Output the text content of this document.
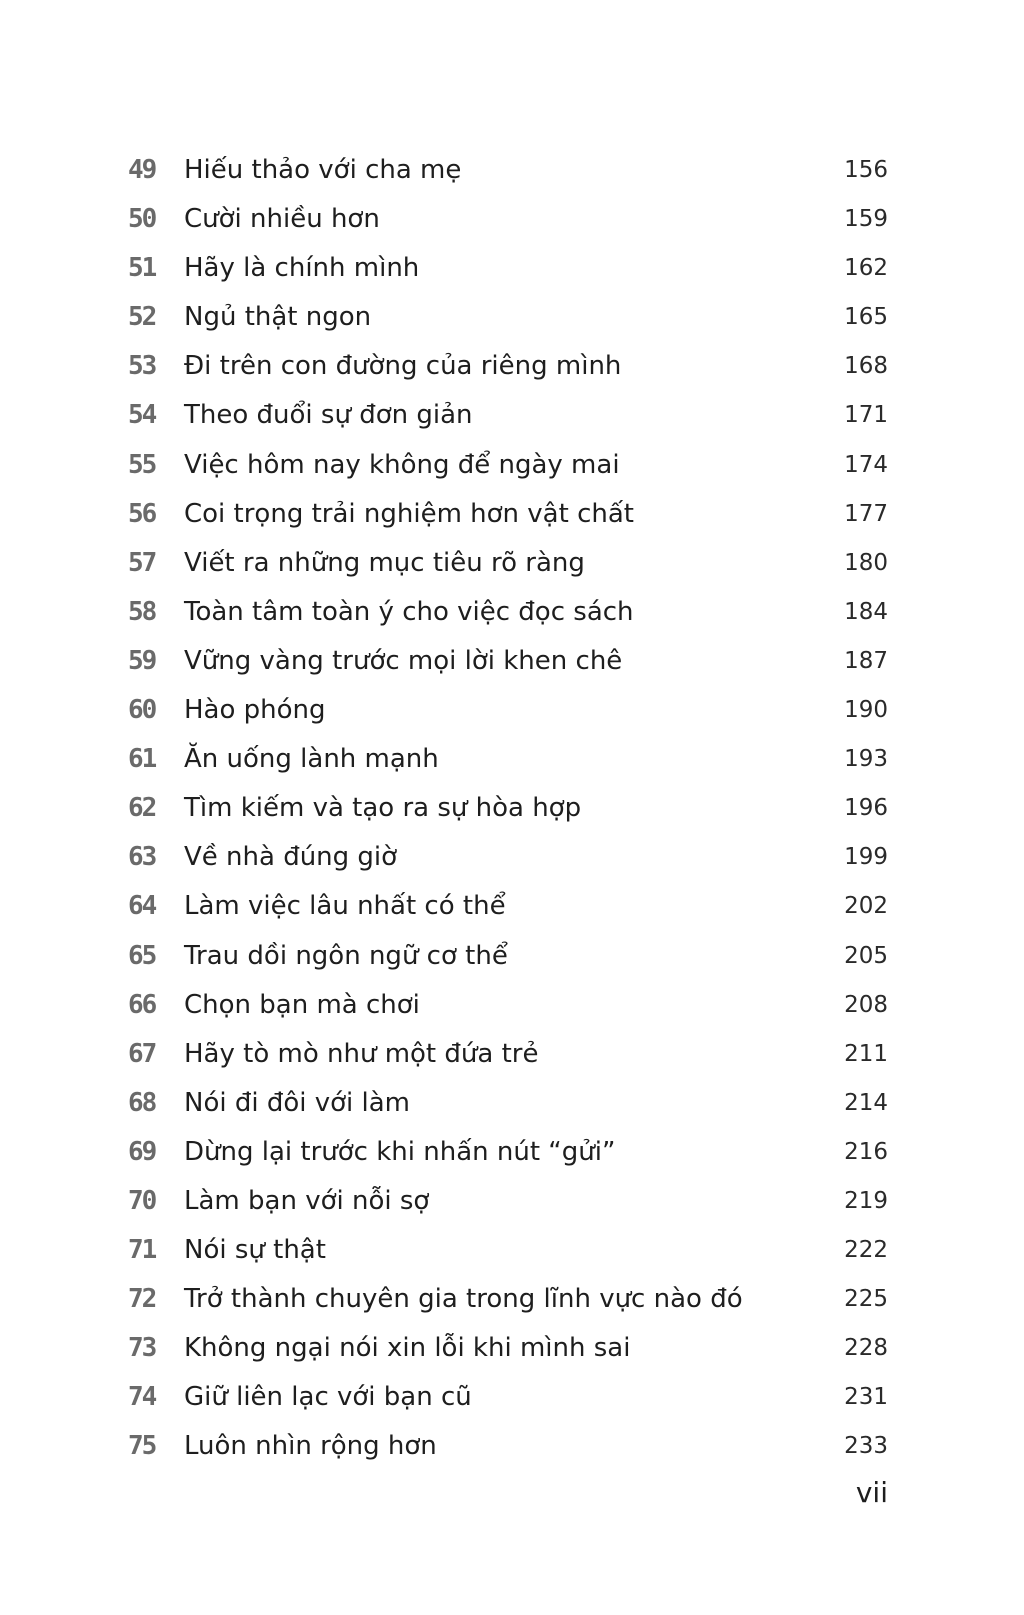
49	Hiếu thảo với cha mẹ	156
50	Cười nhiều hơn	159
51	Hãy là chính mình	162
52	Ngủ thật ngon	165
53	Đi trên con đường của riêng mình	168
54	Theo đuổi sự đơn giản	171
55	Việc hôm nay không để ngày mai	174
56	Coi trọng trải nghiệm hơn vật chất	177
57	Viết ra những mục tiêu rõ ràng	180
58	Toàn tâm toàn ý cho việc đọc sách	184
59	Vững vàng trước mọi lời khen chê	187
60	Hào phóng	190
61	Ăn uống lành mạnh	193
62	Tìm kiếm và tạo ra sự hòa hợp	196
63	Về nhà đúng giờ	199
64	Làm việc lâu nhất có thể	202
65	Trau dồi ngôn ngữ cơ thể	205
66	Chọn bạn mà chơi	208
67	Hãy tò mò như một đứa trẻ	211
68	Nói đi đôi với làm	214
69	Dừng lại trước khi nhấn nút “gửi”	216
70	Làm bạn với nỗi sợ	219
71	Nói sự thật	222
72	Trở thành chuyên gia trong lĩnh vực nào đó	225
73	Không ngại nói xin lỗi khi mình sai	228
74	Giữ liên lạc với bạn cũ	231
75	Luôn nhìn rộng hơn	233
vii
